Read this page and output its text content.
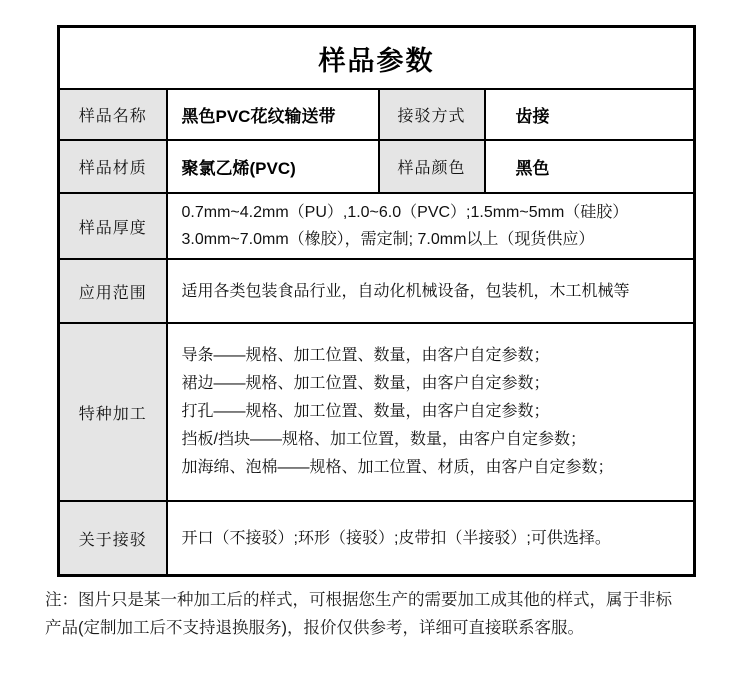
样品参数			
样品名称	黑色PVC花纹输送带	接驳方式	齿接
样品材质	聚氯乙烯(PVC)	样品颜色	黑色
样品厚度	0.7mm~4.2mm（PU）,1.0~6.0（PVC）;1.5mm~5mm（硅胶）
3.0mm~7.0mm（橡胶），需定制; 7.0mm以上（现货供应）		

应用范围	适用各类包装食品行业，自动化机械设备，包装机，木工机械等		

特种加工	导条——规格、加工位置、数量，由客户自定参数；
裙边——规格、加工位置、数量，由客户自定参数；
打孔——规格、加工位置、数量，由客户自定参数；
挡板/挡块——规格、加工位置，数量，由客户自定参数；
加海绵、泡棉——规格、加工位置、材质，由客户自定参数；		

关于接驳	开口（不接驳）;环形（接驳）;皮带扣（半接驳）;可供选择。		
注：图片只是某一种加工后的样式，可根据您生产的需要加工成其他的样式，属于非标
产品(定制加工后不支持退换服务)，报价仅供参考，详细可直接联系客服。
